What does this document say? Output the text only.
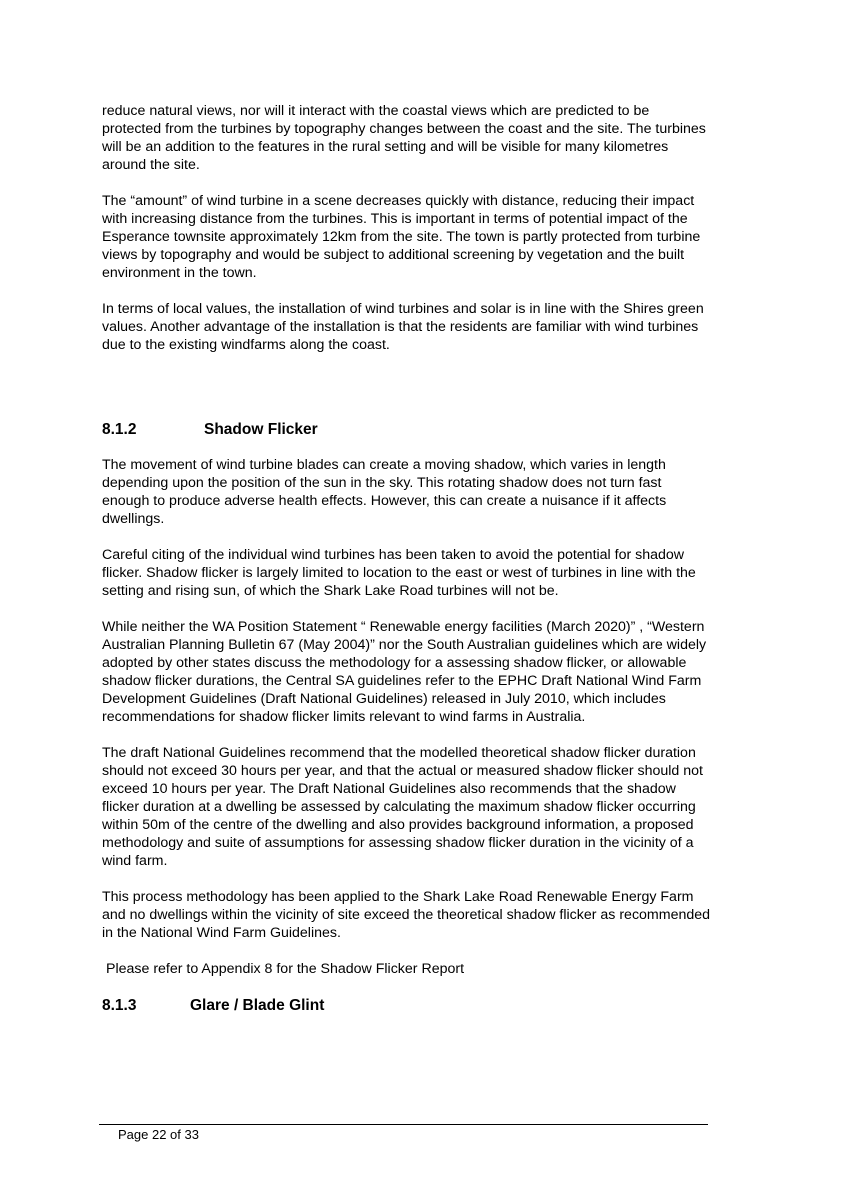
reduce natural views, nor will it interact with the coastal views which are predicted to be protected from the turbines by topography changes between the coast and the site. The turbines will be an addition to the features in the rural setting and will be visible for many kilometres around the site.

The “amount” of wind turbine in a scene decreases quickly with distance, reducing their impact with increasing distance from the turbines. This is important in terms of potential impact of the Esperance townsite approximately 12km from the site. The town is partly protected from turbine views by topography and would be subject to additional screening by vegetation and the built environment in the town.

In terms of local values, the installation of wind turbines and solar is in line with the Shires green values. Another advantage of the installation is that the residents are familiar with wind turbines due to the existing windfarms along the coast.

8.1.2	Shadow Flicker

The movement of wind turbine blades can create a moving shadow, which varies in length depending upon the position of the sun in the sky. This rotating shadow does not turn fast enough to produce adverse health effects. However, this can create a nuisance if it affects dwellings.

Careful citing of the individual wind turbines has been taken to avoid the potential for shadow flicker. Shadow flicker is largely limited to location to the east or west of turbines in line with the setting and rising sun, of which the Shark Lake Road turbines will not be.

While neither the WA Position Statement “ Renewable energy facilities (March 2020)” , “Western Australian Planning Bulletin 67 (May 2004)” nor the South Australian guidelines which are widely adopted by other states discuss the methodology for a assessing shadow flicker, or allowable shadow flicker durations, the Central SA guidelines refer to the EPHC Draft National Wind Farm Development Guidelines (Draft National Guidelines) released in July 2010, which includes recommendations for shadow flicker limits relevant to wind farms in Australia.

The draft National Guidelines recommend that the modelled theoretical shadow flicker duration should not exceed 30 hours per year, and that the actual or measured shadow flicker should not exceed 10 hours per year. The Draft National Guidelines also recommends that the shadow flicker duration at a dwelling be assessed by calculating the maximum shadow flicker occurring within 50m of the centre of the dwelling and also provides background information, a proposed methodology and suite of assumptions for assessing shadow flicker duration in the vicinity of a wind farm.

This process methodology has been applied to the Shark Lake Road Renewable Energy Farm and no dwellings within the vicinity of site exceed the theoretical shadow flicker as recommended in the National Wind Farm Guidelines.

Please refer to Appendix 8 for the Shadow Flicker Report

8.1.3	Glare / Blade Glint
Page 22 of 33
